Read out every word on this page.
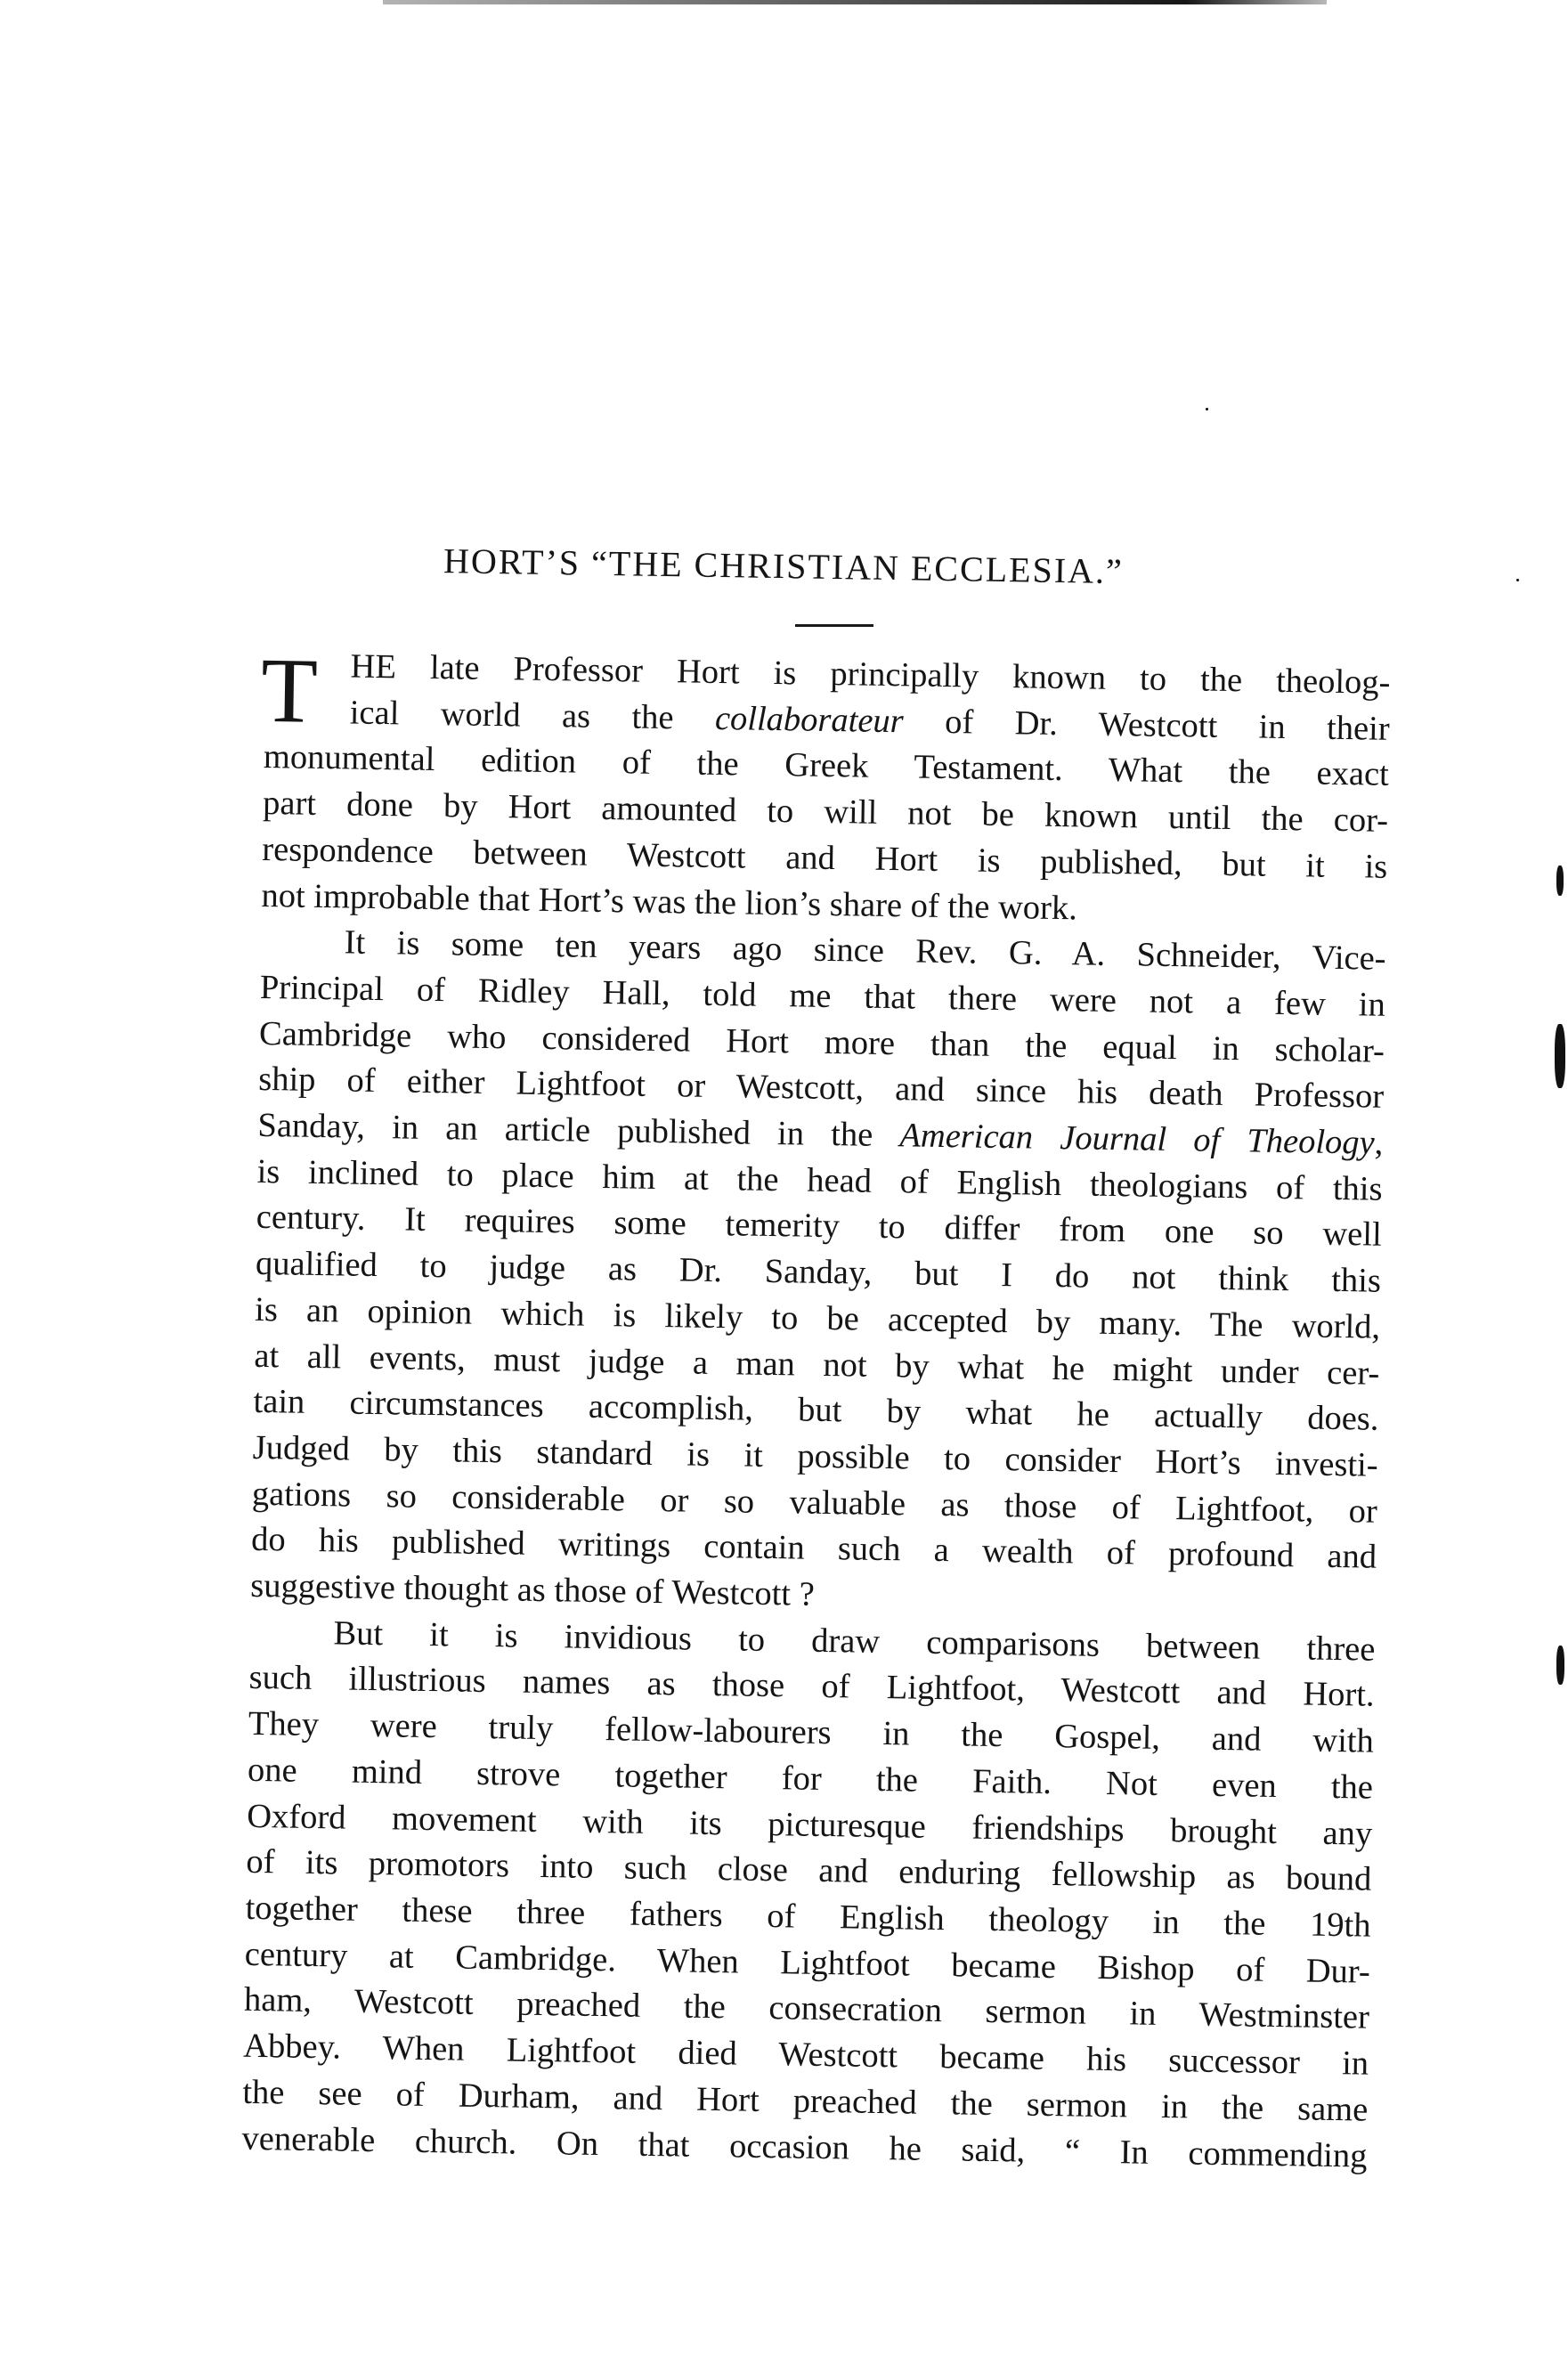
HORT’S “THE CHRISTIAN ECCLESIA.”
T HE late Professor Hort is principally known to the theolog-
ical world as the collaborateur of Dr. Westcott in their
monumental edition of the Greek Testament. What the exact
part done by Hort amounted to will not be known until the cor-
respondence between Westcott and Hort is published, but it is
not improbable that Hort’s was the lion’s share of the work.
It is some ten years ago since Rev. G. A. Schneider, Vice-
Principal of Ridley Hall, told me that there were not a few in
Cambridge who considered Hort more than the equal in scholar-
ship of either Lightfoot or Westcott, and since his death Professor
Sanday, in an article published in the American Journal of Theology,
is inclined to place him at the head of English theologians of this
century. It requires some temerity to differ from one so well
qualified to judge as Dr. Sanday, but I do not think this
is an opinion which is likely to be accepted by many. The world,
at all events, must judge a man not by what he might under cer-
tain circumstances accomplish, but by what he actually does.
Judged by this standard is it possible to consider Hort’s investi-
gations so considerable or so valuable as those of Lightfoot, or
do his published writings contain such a wealth of profound and
suggestive thought as those of Westcott ?
But it is invidious to draw comparisons between three
such illustrious names as those of Lightfoot, Westcott and Hort.
They were truly fellow-labourers in the Gospel, and with
one mind strove together for the Faith. Not even the
Oxford movement with its picturesque friendships brought any
of its promotors into such close and enduring fellowship as bound
together these three fathers of English theology in the 19th
century at Cambridge. When Lightfoot became Bishop of Dur-
ham, Westcott preached the consecration sermon in Westminster
Abbey. When Lightfoot died Westcott became his successor in
the see of Durham, and Hort preached the sermon in the same
venerable church. On that occasion he said, “ In commending
